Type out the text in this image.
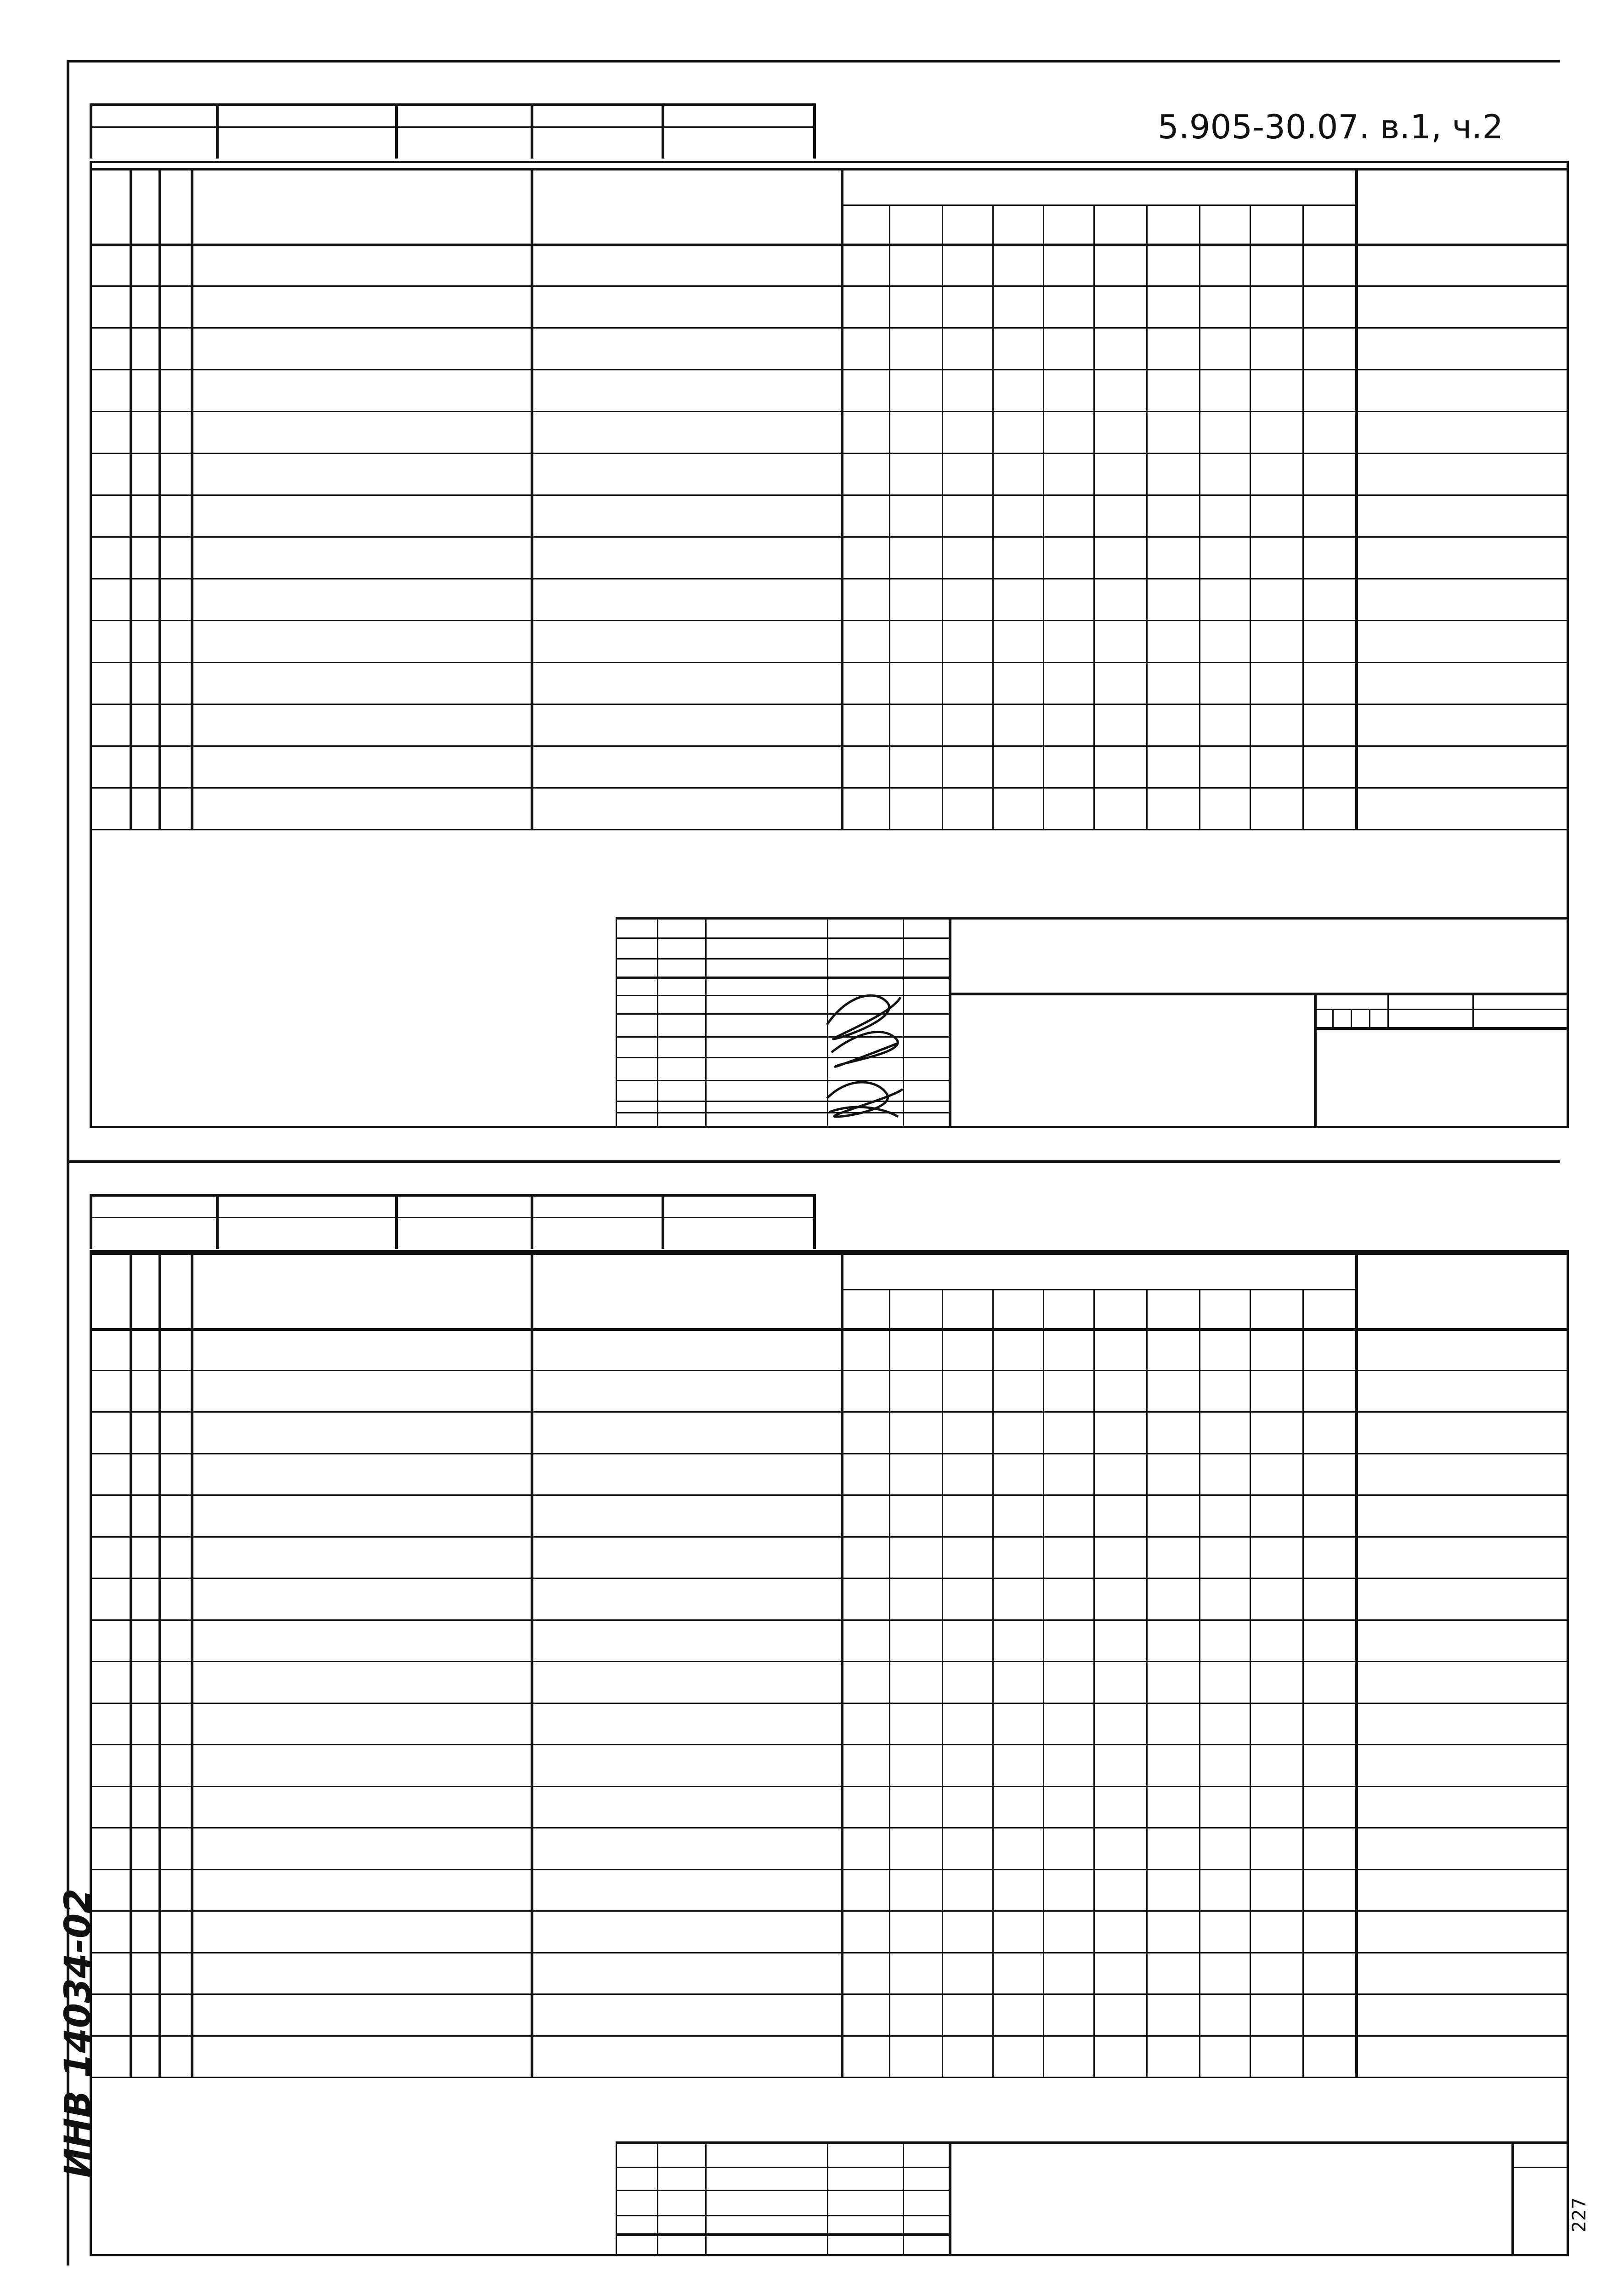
5.905-30.07. в.1, ч.2
ИНВ 14034-02
227
